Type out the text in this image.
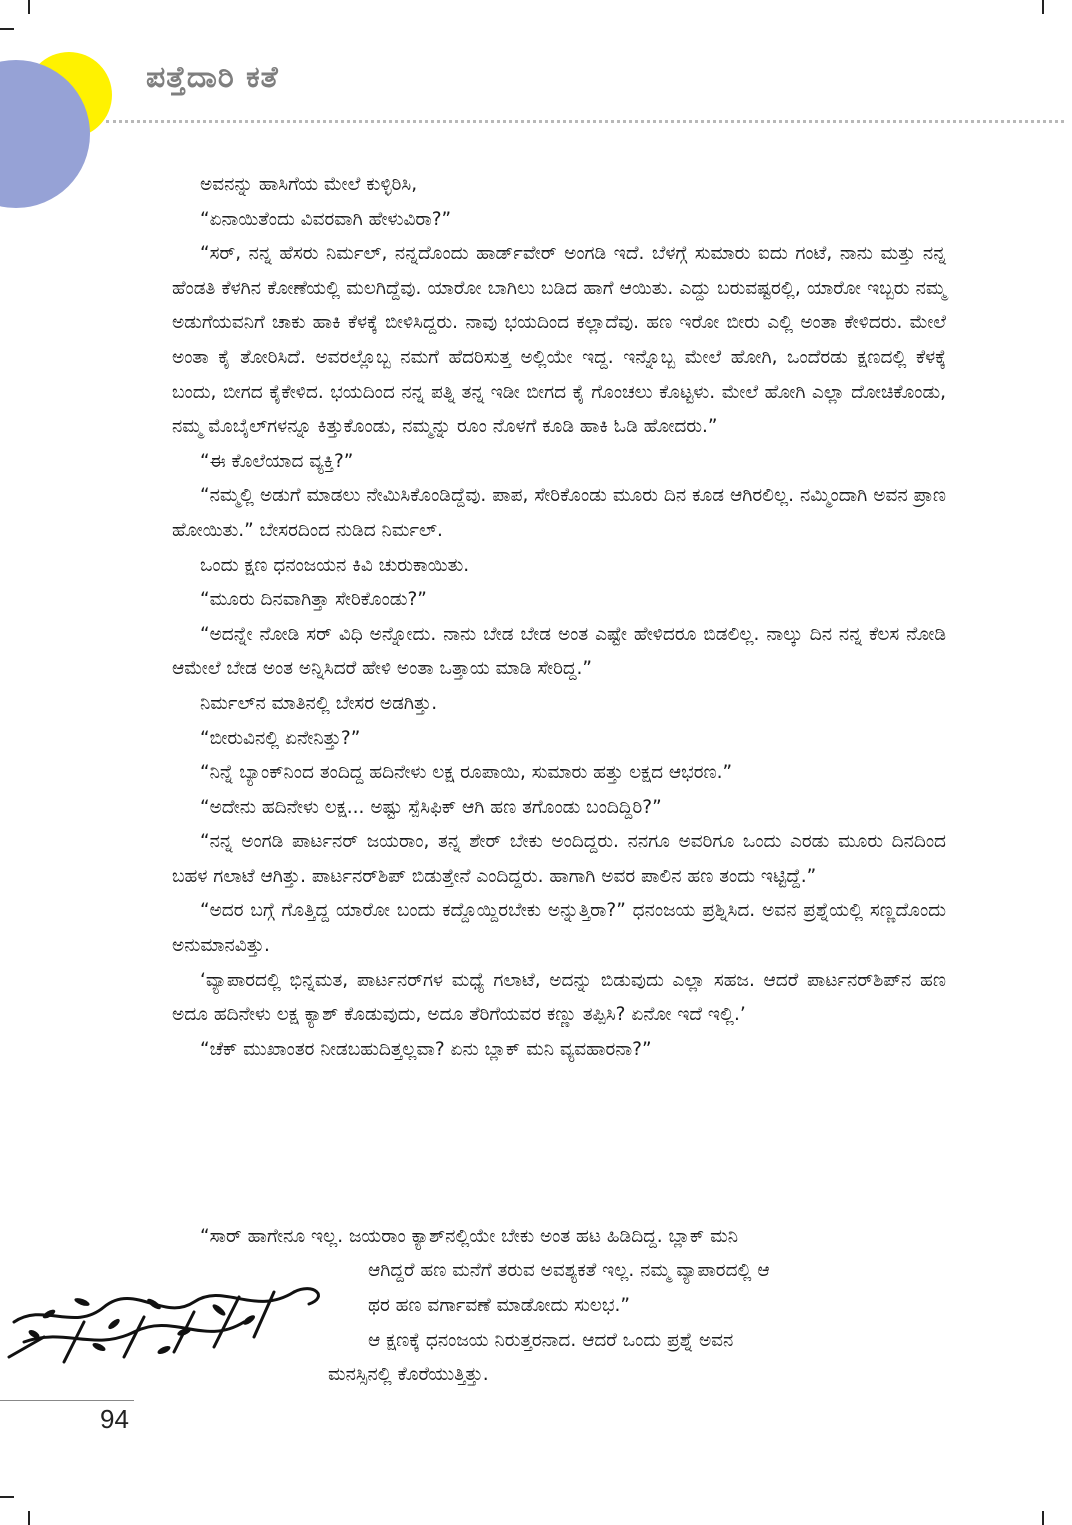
ಪತ್ತೆದಾರಿ ಕತೆ

ಅವನನ್ನು ಹಾಸಿಗೆಯ ಮೇಲೆ ಕುಳ್ಳಿರಿಸಿ,

“ಏನಾಯಿತೆಂದು ವಿವರವಾಗಿ ಹೇಳುವಿರಾ?”

“ಸರ್, ನನ್ನ ಹೆಸರು ನಿರ್ಮಲ್, ನನ್ನದೊಂದು ಹಾರ್ಡ್‌ವೇರ್ ಅಂಗಡಿ ಇದೆ. ಬೆಳಗ್ಗೆ ಸುಮಾರು ಐದು ಗಂಟೆ, ನಾನು ಮತ್ತು ನನ್ನ ಹೆಂಡತಿ ಕೆಳಗಿನ ಕೋಣೆಯಲ್ಲಿ ಮಲಗಿದ್ದೆವು. ಯಾರೋ ಬಾಗಿಲು ಬಡಿದ ಹಾಗೆ ಆಯಿತು. ಎದ್ದು ಬರುವಷ್ಟರಲ್ಲಿ, ಯಾರೋ ಇಬ್ಬರು ನಮ್ಮ ಅಡುಗೆಯವನಿಗೆ ಚಾಕು ಹಾಕಿ ಕೆಳಕ್ಕೆ ಬೀಳಿಸಿದ್ದರು. ನಾವು ಭಯದಿಂದ ಕಲ್ಲಾದೆವು. ಹಣ ಇರೋ ಬೀರು ಎಲ್ಲಿ ಅಂತಾ ಕೇಳಿದರು. ಮೇಲೆ ಅಂತಾ ಕೈ ತೋರಿಸಿದೆ. ಅವರಲ್ಲೊಬ್ಬ ನಮಗೆ ಹೆದರಿಸುತ್ತ ಅಲ್ಲಿಯೇ ಇದ್ದ. ಇನ್ನೊಬ್ಬ ಮೇಲೆ ಹೋಗಿ, ಒಂದೆರಡು ಕ್ಷಣದಲ್ಲಿ ಕೆಳಕ್ಕೆ ಬಂದು, ಬೀಗದ ಕೈಕೇಳಿದ. ಭಯದಿಂದ ನನ್ನ ಪತ್ನಿ ತನ್ನ ಇಡೀ ಬೀಗದ ಕೈ ಗೊಂಚಲು ಕೊಟ್ಟಳು. ಮೇಲೆ ಹೋಗಿ ಎಲ್ಲಾ ದೋಚಿಕೊಂಡು, ನಮ್ಮ ಮೊಬೈಲ್‌ಗಳನ್ನೂ ಕಿತ್ತುಕೊಂಡು, ನಮ್ಮನ್ನು ರೂಂ ನೊಳಗೆ ಕೂಡಿ ಹಾಕಿ ಓಡಿ ಹೋದರು.”

“ಈ ಕೊಲೆಯಾದ ವ್ಯಕ್ತಿ?”

“ನಮ್ಮಲ್ಲಿ ಅಡುಗೆ ಮಾಡಲು ನೇಮಿಸಿಕೊಂಡಿದ್ದೆವು. ಪಾಪ, ಸೇರಿಕೊಂಡು ಮೂರು ದಿನ ಕೂಡ ಆಗಿರಲಿಲ್ಲ. ನಮ್ಮಿಂದಾಗಿ ಅವನ ಪ್ರಾಣ ಹೋಯಿತು.” ಬೇಸರದಿಂದ ನುಡಿದ ನಿರ್ಮಲ್.

ಒಂದು ಕ್ಷಣ ಧನಂಜಯನ ಕಿವಿ ಚುರುಕಾಯಿತು.

“ಮೂರು ದಿನವಾಗಿತ್ತಾ ಸೇರಿಕೊಂಡು?”

“ಅದನ್ನೇ ನೋಡಿ ಸರ್ ವಿಧಿ ಅನ್ನೋದು. ನಾನು ಬೇಡ ಬೇಡ ಅಂತ ಎಷ್ಟೇ ಹೇಳಿದರೂ ಬಿಡಲಿಲ್ಲ. ನಾಲ್ಕು ದಿನ ನನ್ನ ಕೆಲಸ ನೋಡಿ ಆಮೇಲೆ ಬೇಡ ಅಂತ ಅನ್ನಿಸಿದರೆ ಹೇಳಿ ಅಂತಾ ಒತ್ತಾಯ ಮಾಡಿ ಸೇರಿದ್ದ.”

ನಿರ್ಮಲ್‌ನ ಮಾತಿನಲ್ಲಿ ಬೇಸರ ಅಡಗಿತ್ತು.

“ಬೀರುವಿನಲ್ಲಿ ಏನೇನಿತ್ತು?”

“ನಿನ್ನೆ ಬ್ಯಾಂಕ್‌ನಿಂದ ತಂದಿದ್ದ ಹದಿನೇಳು ಲಕ್ಷ ರೂಪಾಯಿ, ಸುಮಾರು ಹತ್ತು ಲಕ್ಷದ ಆಭರಣ.”

“ಅದೇನು ಹದಿನೇಳು ಲಕ್ಷ... ಅಷ್ಟು ಸ್ಪೆಸಿಫಿಕ್ ಆಗಿ ಹಣ ತಗೊಂಡು ಬಂದಿದ್ದಿರಿ?”

“ನನ್ನ ಅಂಗಡಿ ಪಾರ್ಟನರ್ ಜಯರಾಂ, ತನ್ನ ಶೇರ್ ಬೇಕು ಅಂದಿದ್ದರು. ನನಗೂ ಅವರಿಗೂ ಒಂದು ಎರಡು ಮೂರು ದಿನದಿಂದ ಬಹಳ ಗಲಾಟೆ ಆಗಿತ್ತು. ಪಾರ್ಟನರ್‌ಶಿಪ್ ಬಿಡುತ್ತೇನೆ ಎಂದಿದ್ದರು. ಹಾಗಾಗಿ ಅವರ ಪಾಲಿನ ಹಣ ತಂದು ಇಟ್ಟಿದ್ದೆ.”

“ಅದರ ಬಗ್ಗೆ ಗೊತ್ತಿದ್ದ ಯಾರೋ ಬಂದು ಕದ್ದೊಯ್ದಿರಬೇಕು ಅನ್ನುತ್ತಿರಾ?” ಧನಂಜಯ ಪ್ರಶ್ನಿಸಿದ. ಅವನ ಪ್ರಶ್ನೆಯಲ್ಲಿ ಸಣ್ಣದೊಂದು ಅನುಮಾನವಿತ್ತು.

‘ವ್ಯಾಪಾರದಲ್ಲಿ ಭಿನ್ನಮತ, ಪಾರ್ಟನರ್‌ಗಳ ಮಧ್ಯೆ ಗಲಾಟೆ, ಅದನ್ನು ಬಿಡುವುದು ಎಲ್ಲಾ ಸಹಜ. ಆದರೆ ಪಾರ್ಟನರ್‌ಶಿಪ್‌ನ ಹಣ ಅದೂ ಹದಿನೇಳು ಲಕ್ಷ ಕ್ಯಾಶ್ ಕೊಡುವುದು, ಅದೂ ತೆರಿಗೆಯವರ ಕಣ್ಣು ತಪ್ಪಿಸಿ? ಏನೋ ಇದೆ ಇಲ್ಲಿ.’

“ಚೆಕ್ ಮುಖಾಂತರ ನೀಡಬಹುದಿತ್ತಲ್ಲವಾ? ಏನು ಬ್ಲಾಕ್ ಮನಿ ವ್ಯವಹಾರನಾ?”

“ಸಾರ್ ಹಾಗೇನೂ ಇಲ್ಲ. ಜಯರಾಂ ಕ್ಯಾಶ್‌ನಲ್ಲಿಯೇ ಬೇಕು ಅಂತ ಹಟ ಹಿಡಿದಿದ್ದ. ಬ್ಲಾಕ್ ಮನಿ
ಆಗಿದ್ದರೆ ಹಣ ಮನೆಗೆ ತರುವ ಅವಶ್ಯಕತೆ ಇಲ್ಲ. ನಮ್ಮ ವ್ಯಾಪಾರದಲ್ಲಿ ಆ
ಥರ ಹಣ ವರ್ಗಾವಣೆ ಮಾಡೋದು ಸುಲಭ.”
ಆ ಕ್ಷಣಕ್ಕೆ ಧನಂಜಯ ನಿರುತ್ತರನಾದ. ಆದರೆ ಒಂದು ಪ್ರಶ್ನೆ ಅವನ
ಮನಸ್ಸಿನಲ್ಲಿ ಕೊರೆಯುತ್ತಿತ್ತು.
94
